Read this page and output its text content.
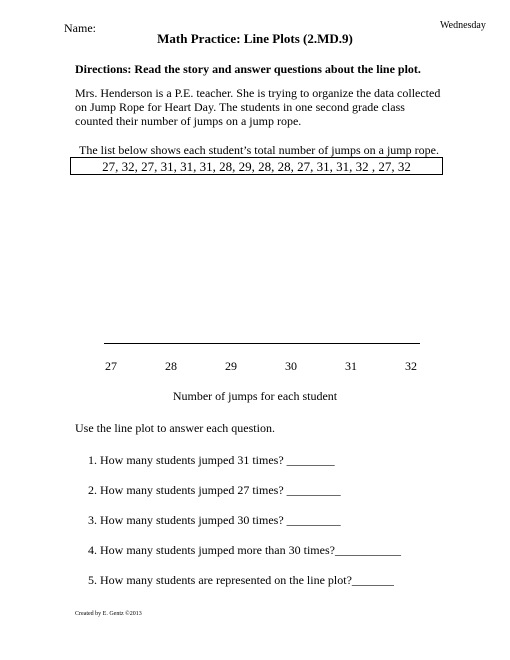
Name:	Wednesday
Math Practice: Line Plots (2.MD.9)
Directions: Read the story and answer questions about the line plot.
Mrs. Henderson is a P.E. teacher. She is trying to organize the data collected
on Jump Rope for Heart Day. The students in one second grade class
counted their number of jumps on a jump rope.
The list below shows each student’s total number of jumps on a jump rope.
27, 32, 27, 31, 31, 31, 28, 29, 28, 28, 27, 31, 31, 32 , 27, 32
27	28	29	30	31	32
Number of jumps for each student
Use the line plot to answer each question.
1. How many students jumped 31 times? ________
2. How many students jumped 27 times? _________
3. How many students jumped 30 times? _________
4. How many students jumped more than 30 times?___________
5. How many students are represented on the line plot?_______
Created by E. Gentz ©2013
